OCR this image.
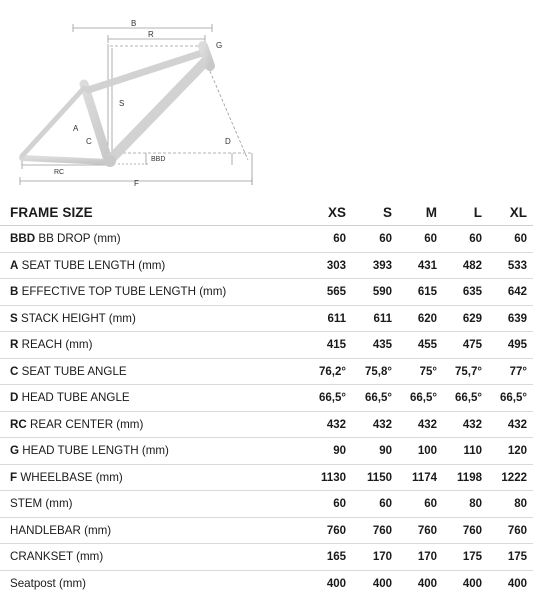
B
R
G
S
A
C	D
BBD
RC
F
FRAME SIZE	XS	S	M	L XL
BBD BB DROP (mm)	60	60	60	60	60
A SEAT TUBE LENGTH (mm)	303 393 431 482 533
B EFFECTIVE TOP TUBE LENGTH (mm)	565 590 615 635 642
S STACK HEIGHT (mm)	611 611 620 629 639
R REACH (mm)	415 435 455 475 495
C SEAT TUBE ANGLE	76,2° 75,8° 75° 75,7° 77°
D HEAD TUBE ANGLE	66,5° 66,5° 66,5° 66,5° 66,5°
RC REAR CENTER (mm)	432 432 432 432 432
G HEAD TUBE LENGTH (mm)	90	90 100 110 120
F WHEELBASE (mm)	1130 1150 1174 1198 1222
STEM (mm)	60	60	60	80	80
HANDLEBAR (mm)	760 760 760 760 760
CRANKSET (mm)	165 170 170 175 175
Seatpost (mm)	400 400 400 400 400
